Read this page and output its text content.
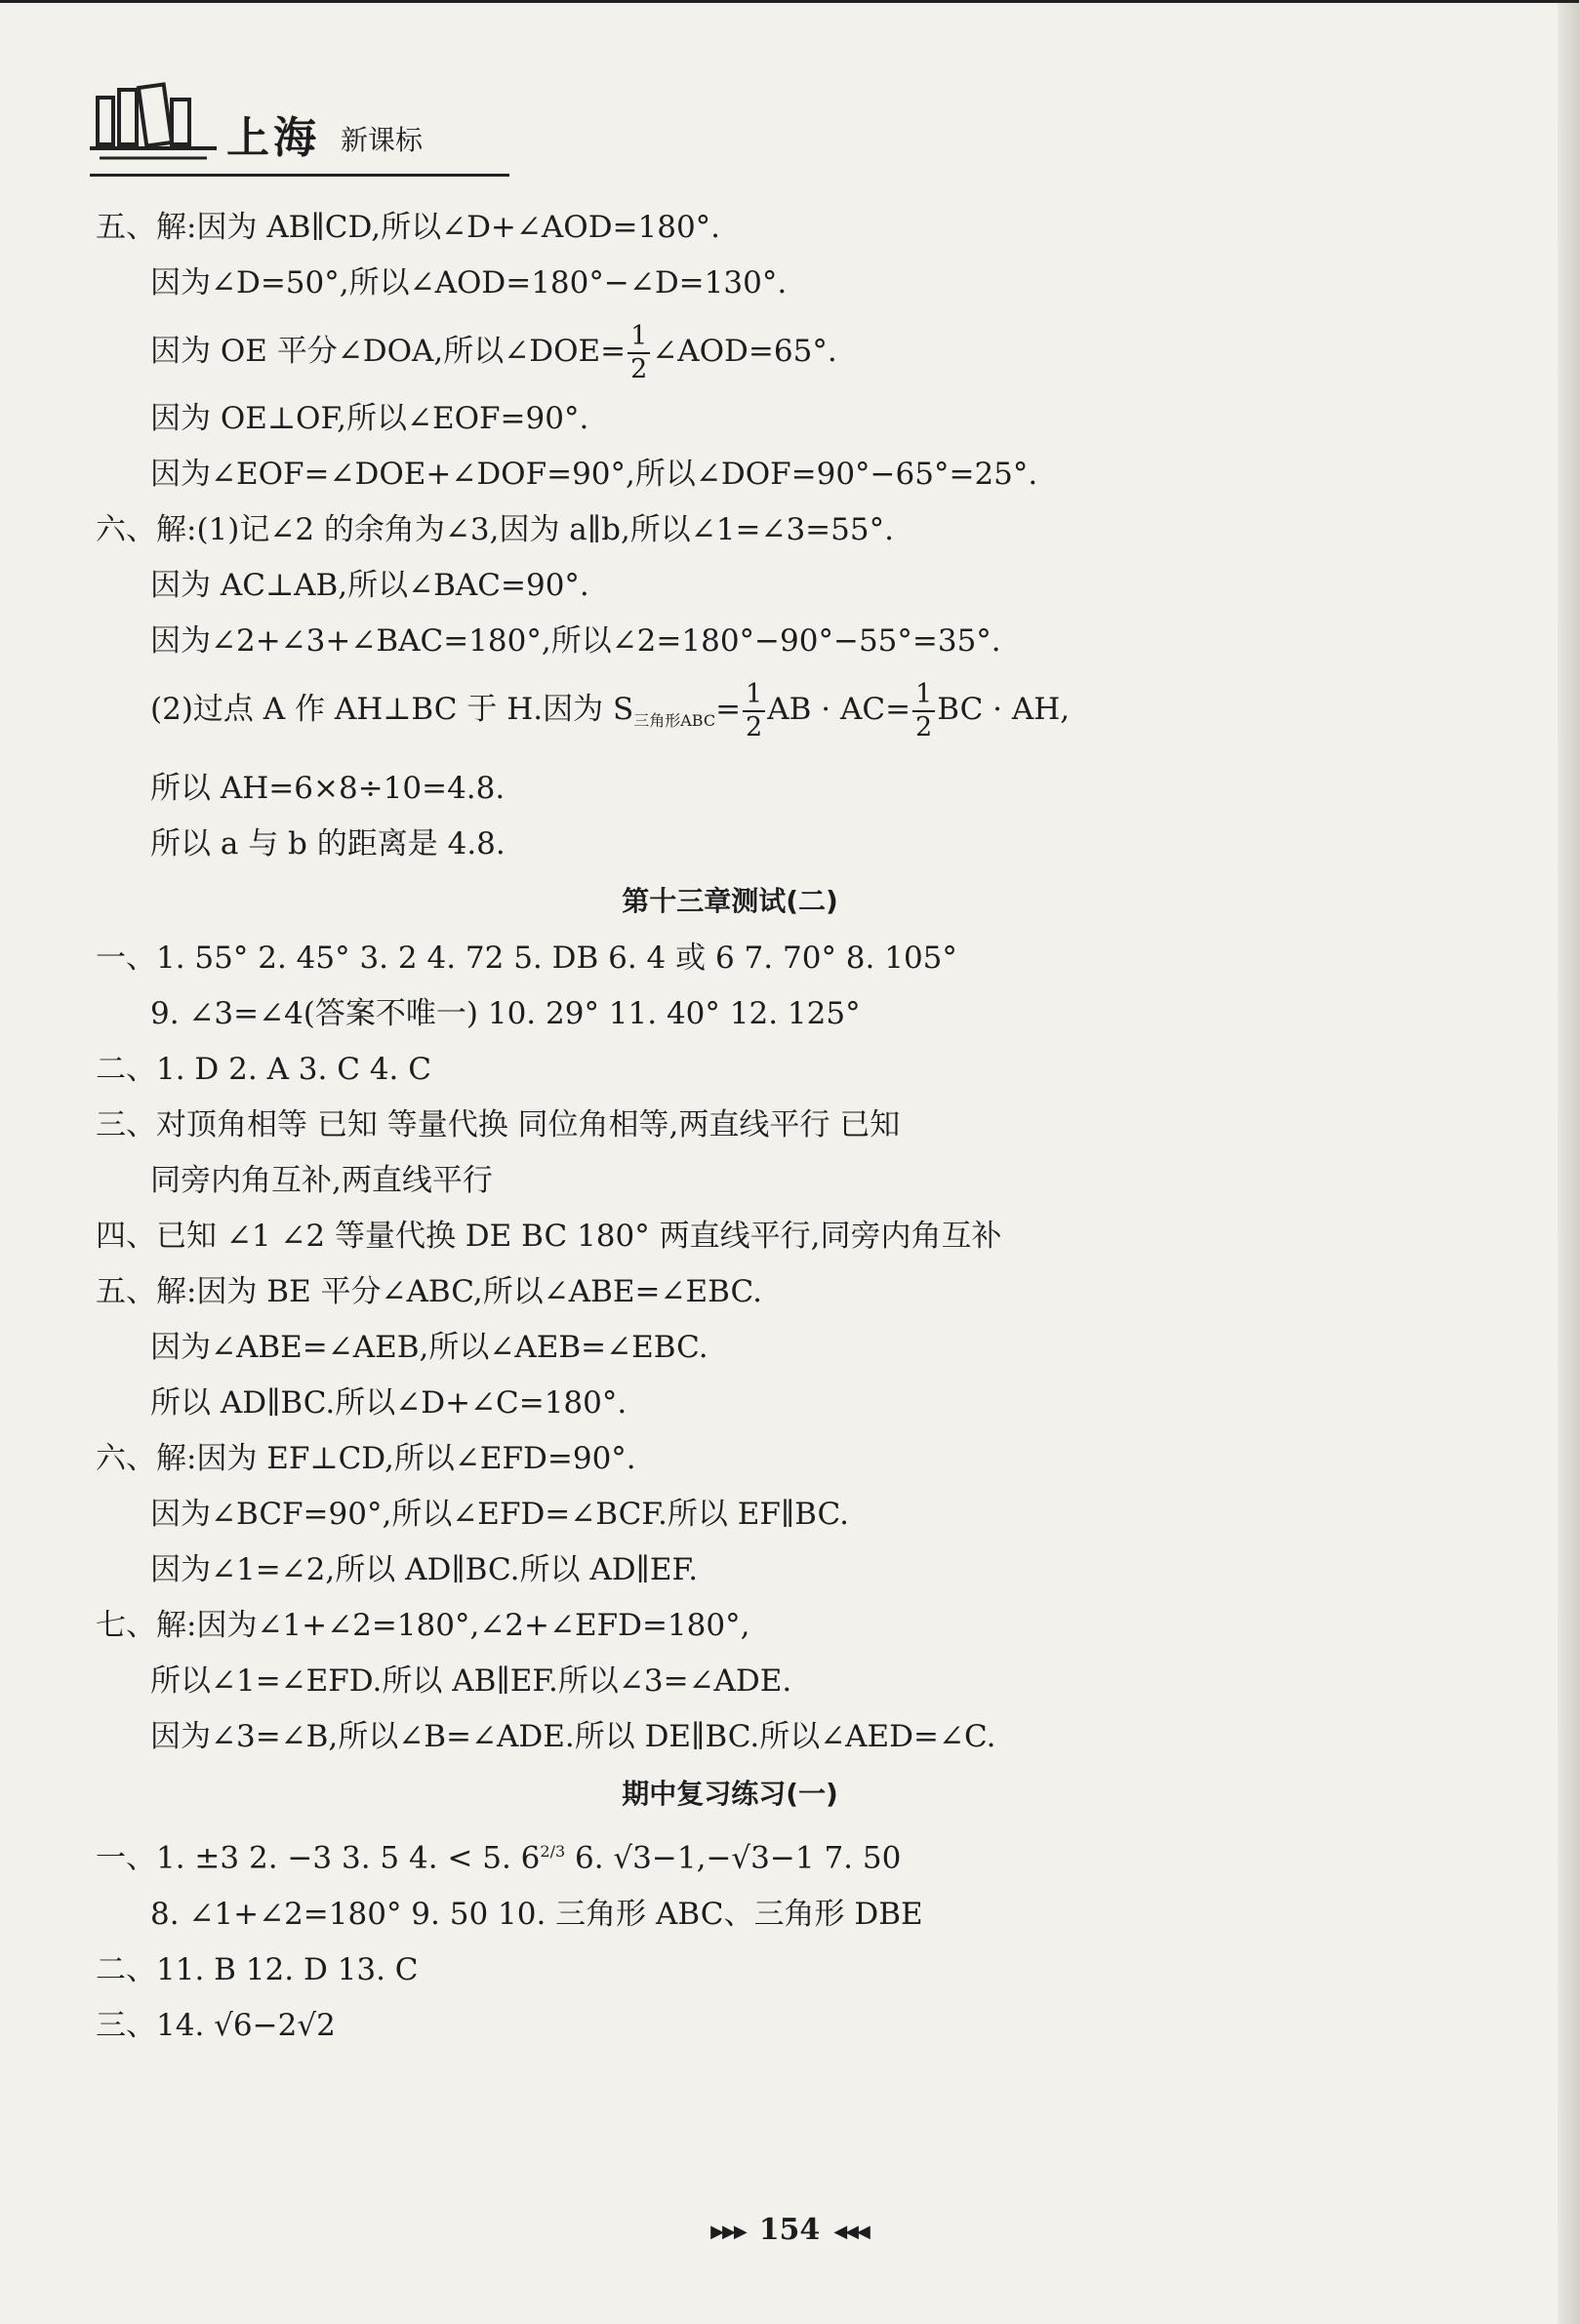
上海 新课标
五、解:因为 AB∥CD,所以∠D+∠AOD=180°.
因为∠D=50°,所以∠AOD=180°−∠D=130°.
因为 OE 平分∠DOA,所以∠DOE= $\frac{1}{2}$ ∠AOD=65°.
因为 OE⊥OF,所以∠EOF=90°.
因为∠EOF=∠DOE+∠DOF=90°,所以∠DOF=90°−65°=25°.
六、解:(1)记∠2 的余角为∠3,因为 a∥b,所以∠1=∠3=55°.
因为 AC⊥AB,所以∠BAC=90°.
因为∠2+∠3+∠BAC=180°,所以∠2=180°−90°−55°=35°.
(2)过点 A 作 AH⊥BC 于 H.因为 $S_{三角形ABC}= \frac{1}{2}$ AB · $AC= \frac{1}{2}$ BC · AH,
所以 AH=6×8÷10=4.8.
所以 a 与 b 的距离是 4.8.
第十三章测试(二)
一、1. 55° 2. 45° 3. 2 4. 72 5. DB 6. 4 或 6 7. 70° 8. 105°
9. ∠3=∠4(答案不唯一) 10. 29° 11. 40° 12. 125°
二、1. D 2. A 3. C 4. C
三、对顶角相等 已知 等量代换 同位角相等,两直线平行 已知
同旁内角互补,两直线平行
四、已知 ∠1 ∠2 等量代换 DE BC 180° 两直线平行,同旁内角互补
五、解:因为 BE 平分∠ABC,所以∠ABE=∠EBC.
因为∠ABE=∠AEB,所以∠AEB=∠EBC.
所以 AD∥BC.所以∠D+∠C=180°.
六、解:因为 EF⊥CD,所以∠EFD=90°.
因为∠BCF=90°,所以∠EFD=∠BCF.所以 EF∥BC.
因为∠1=∠2,所以 AD∥BC.所以 AD∥EF.
七、解:因为∠1+∠2=180°,∠2+∠EFD=180°,
所以∠1=∠EFD.所以 AB∥EF.所以∠3=∠ADE.
因为∠3=∠B,所以∠B=∠ADE.所以 DE∥BC.所以∠AED=∠C.
期中复习练习(一)
一、1. ±3 2. −3 3. 5 4. < 5. $6^{2/3}$ 6. √3−1,−√3−1 7. 50
8. ∠1+∠2=180° 9. 50 10. 三角形 ABC、三角形 DBE
二、11. B 12. D 13. C
三、14. √6−2√2
▶▶▶ 154 ◀◀◀
